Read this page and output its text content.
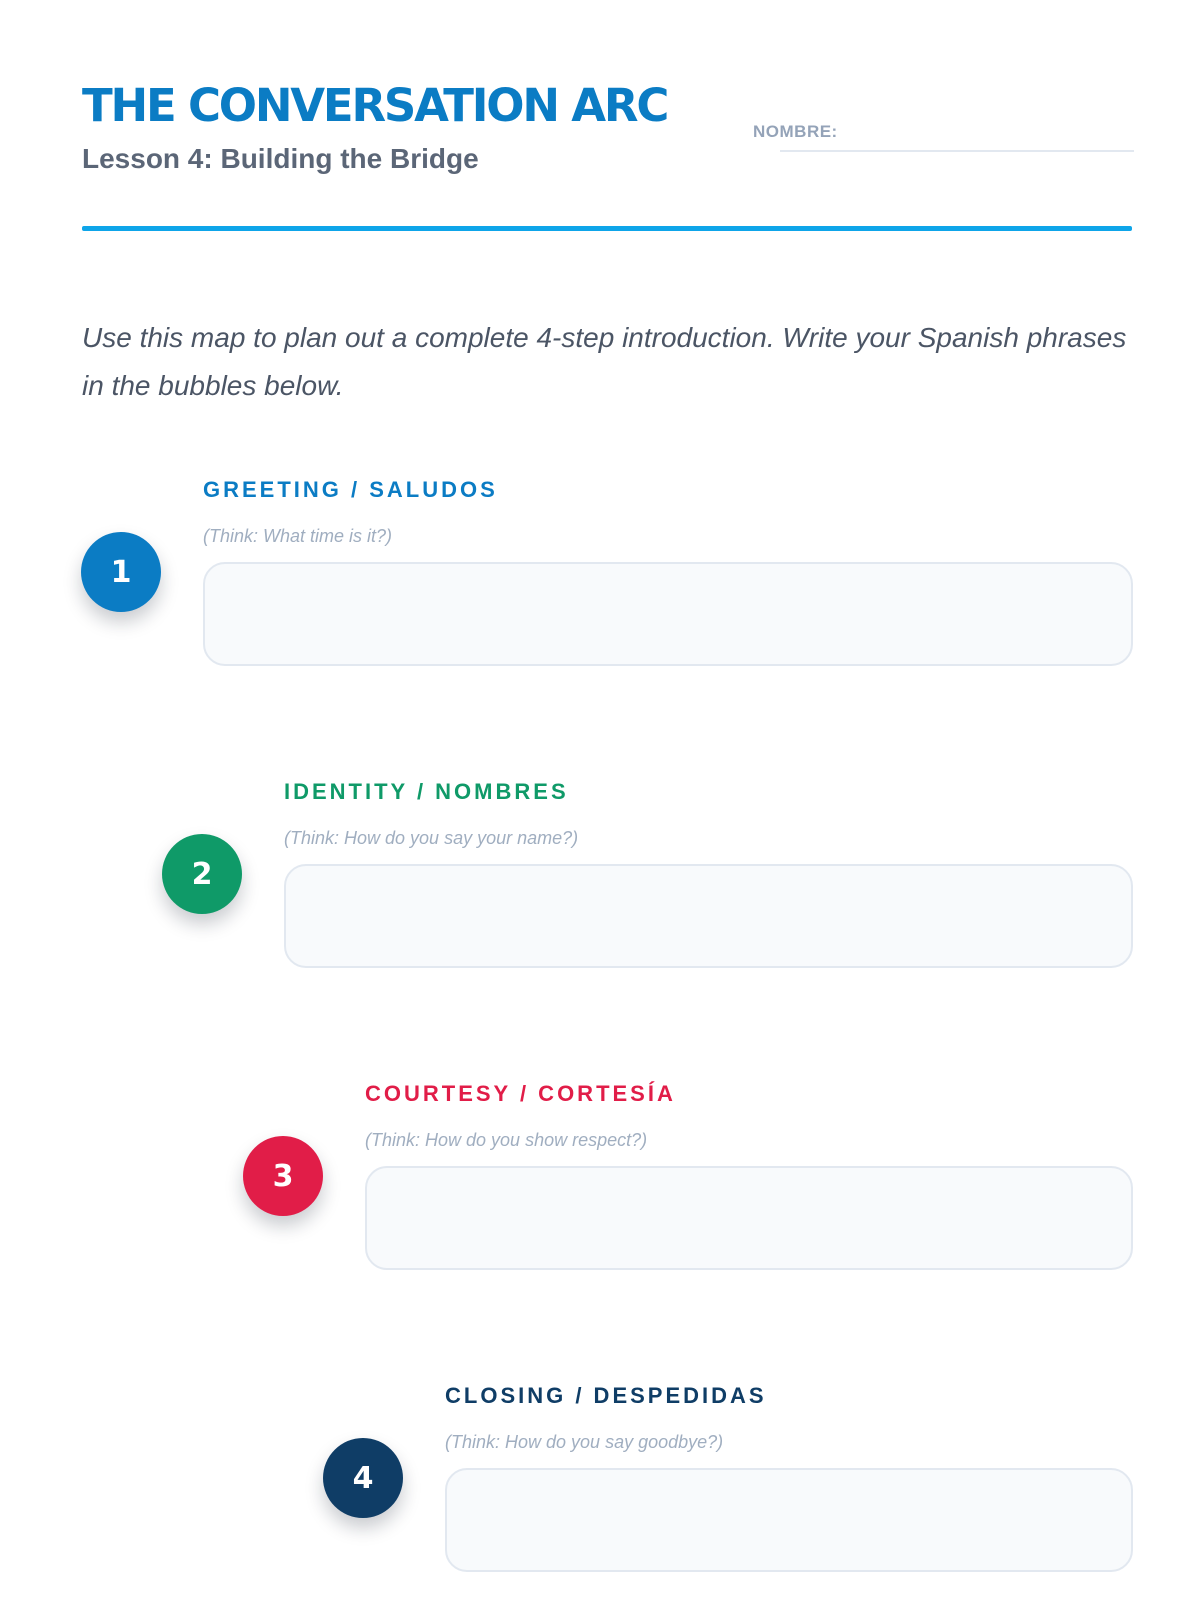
THE CONVERSATION ARC
Lesson 4: Building the Bridge
NOMBRE:

Use this map to plan out a complete 4-step introduction. Write your Spanish phrases in the bubbles below.

GREETING / SALUDOS
(Think: What time is it?)
1
IDENTITY / NOMBRES
(Think: How do you say your name?)
2
COURTESY / CORTESÍA
(Think: How do you show respect?)
3
CLOSING / DESPEDIDAS
(Think: How do you say goodbye?)
4
